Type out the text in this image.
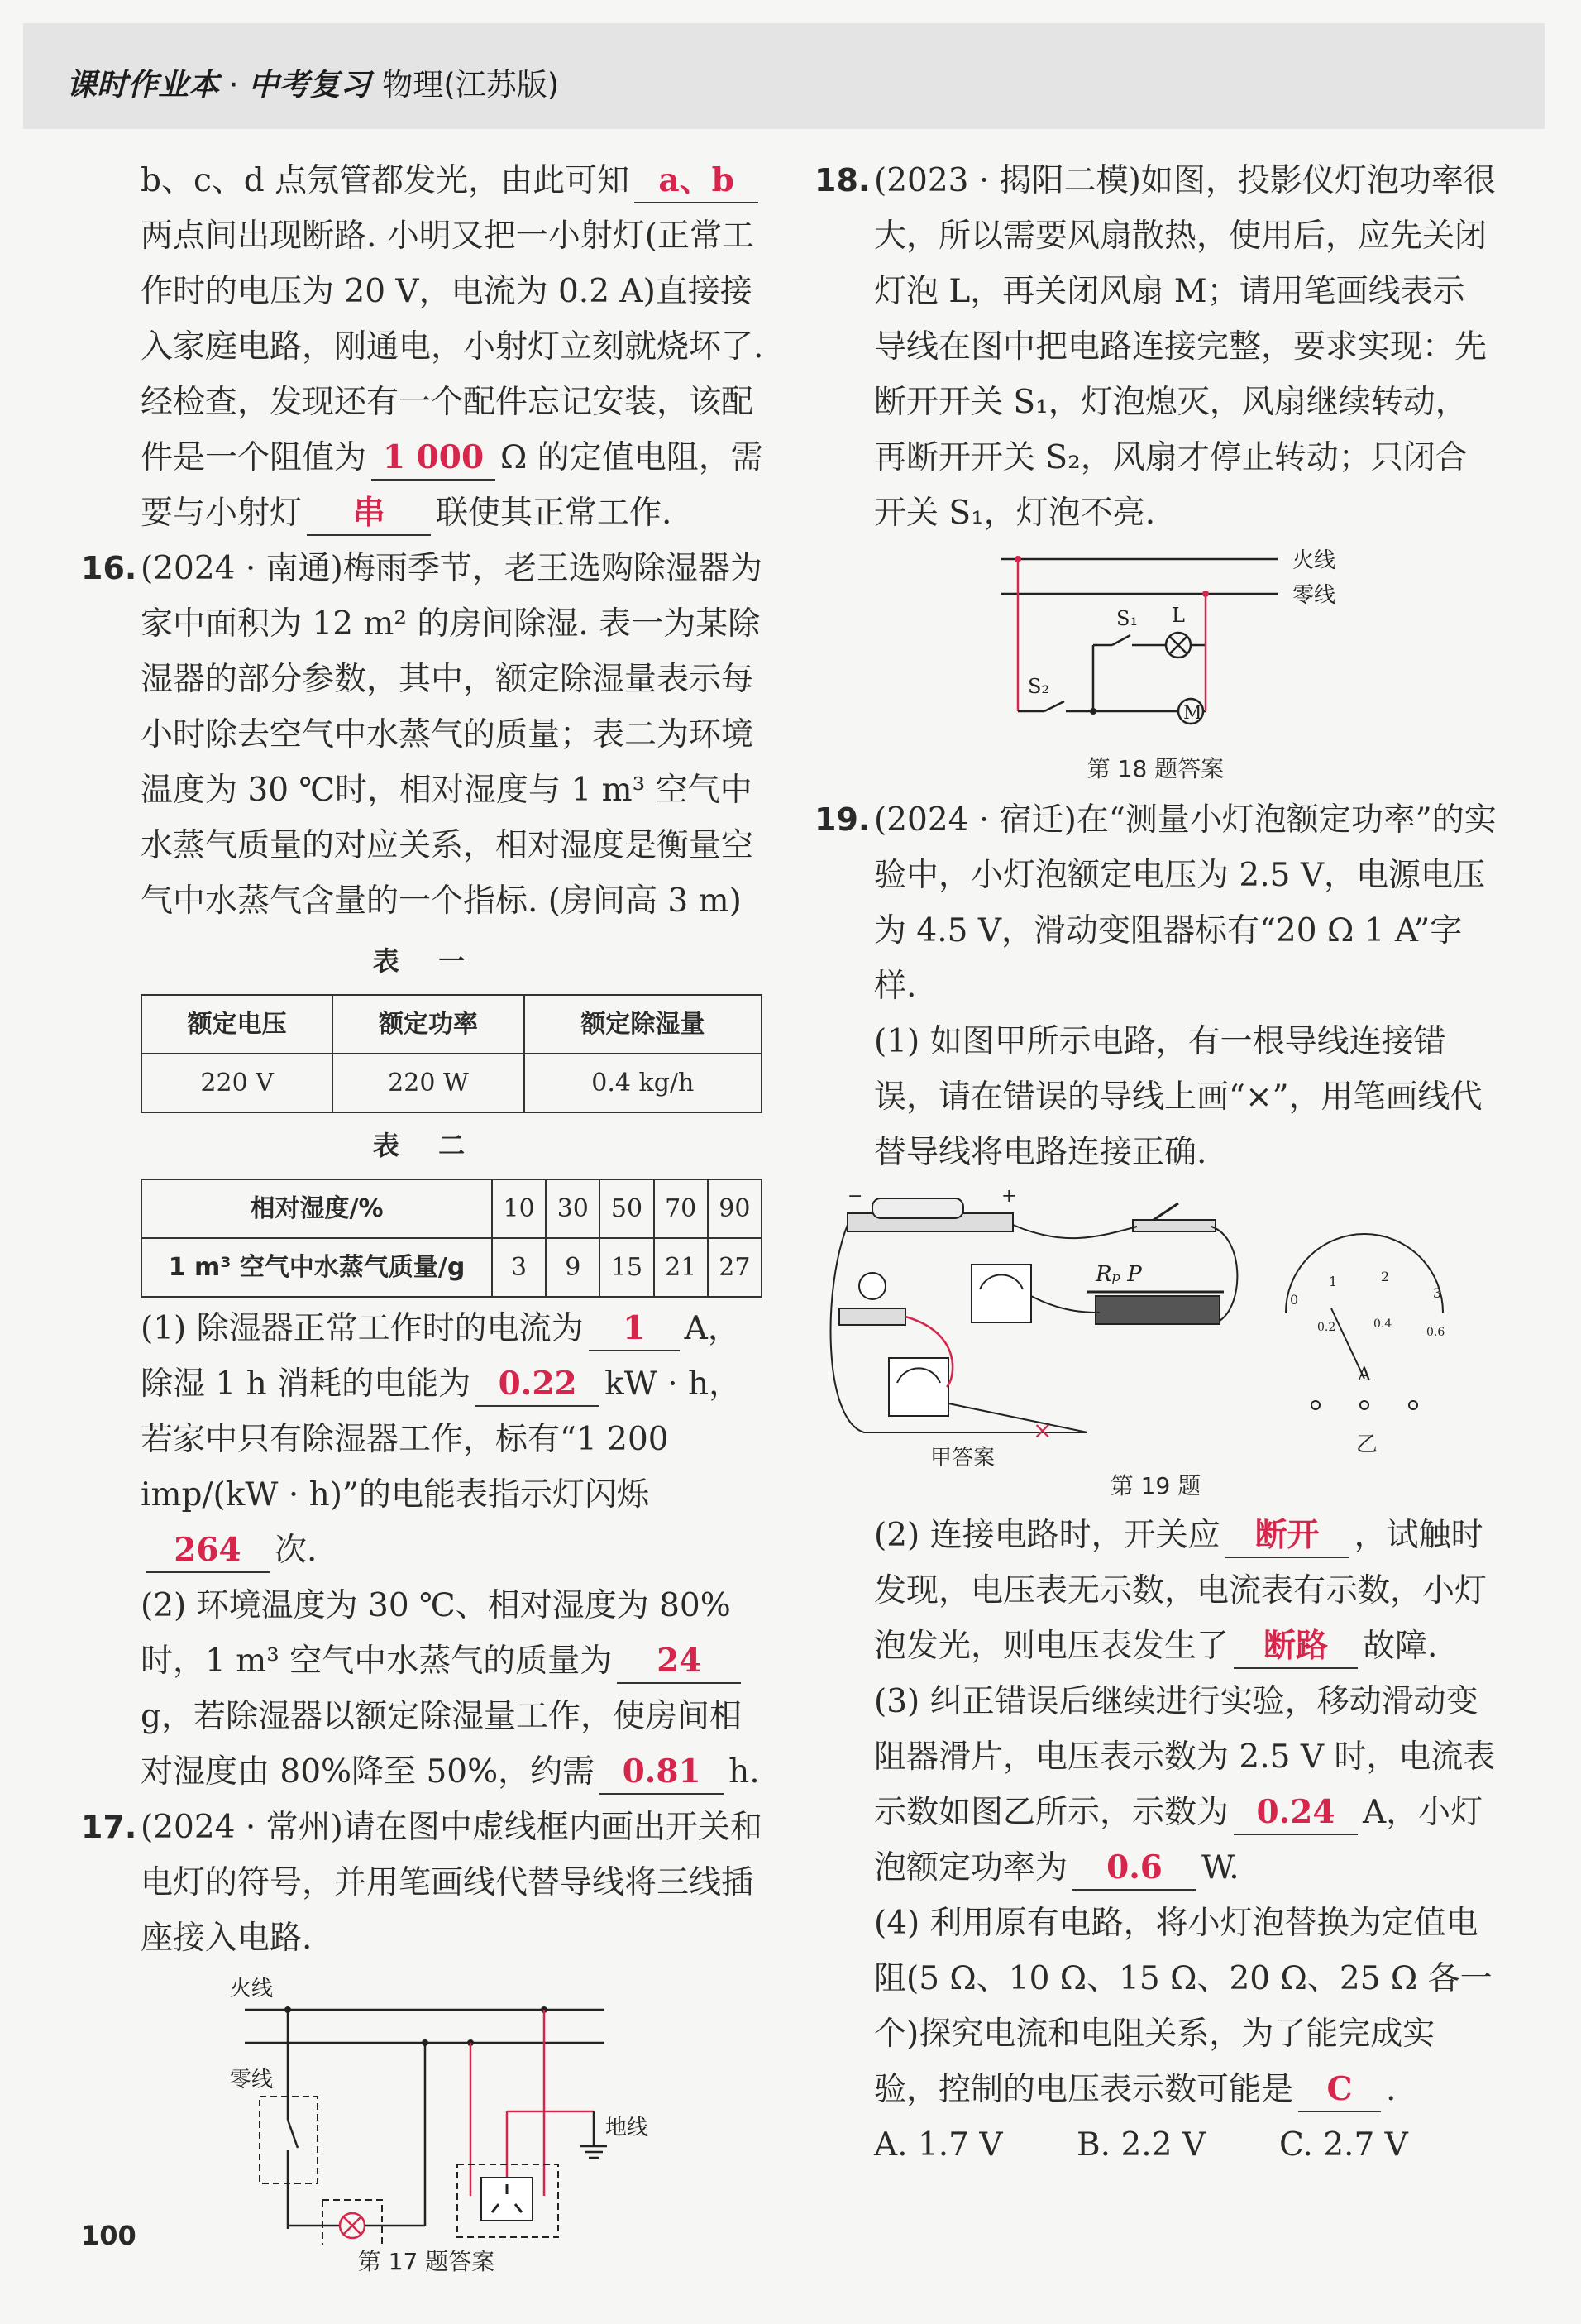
课时作业本 · 中考复习 物理(江苏版)

b、c、d 点氖管都发光，由此可知 a、b两点间出现断路. 小明又把一小射灯(正常工作时的电压为 20 V，电流为 0.2 A)直接接入家庭电路，刚通电，小射灯立刻就烧坏了. 经检查，发现还有一个配件忘记安装，该配件是一个阻值为 1 000 Ω 的定值电阻，需要与小射灯 串 联使其正常工作.

16. (2024 · 南通)梅雨季节，老王选购除湿器为家中面积为 12 m² 的房间除湿. 表一为某除湿器的部分参数，其中，额定除湿量表示每小时除去空气中水蒸气的质量；表二为环境温度为 30 ℃时，相对湿度与 1 m³ 空气中水蒸气质量的对应关系，相对湿度是衡量空气中水蒸气含量的一个指标. (房间高 3 m)

表 一
额定电压	额定功率	额定除湿量
220 V	220 W	0.4 kg/h
表 二
相对湿度/%	10	30	50	70	90
1 m³ 空气中水蒸气质量/g	3	9	15	21	27

(1) 除湿器正常工作时的电流为 1 A，除湿 1 h 消耗的电能为 0.22 kW · h，若家中只有除湿器工作，标有“1 200 imp/(kW · h)”的电能表指示灯闪烁264 次.

(2) 环境温度为 30 ℃、相对湿度为 80%时，1 m³ 空气中水蒸气的质量为 24g，若除湿器以额定除湿量工作，使房间相对湿度由 80%降至 50%，约需 0.81 h.

17. (2024 · 常州)请在图中虚线框内画出开关和电灯的符号，并用笔画线代替导线将三线插座接入电路.

火线
零线
地线
第 17 题答案

18. (2023 · 揭阳二模)如图，投影仪灯泡功率很大，所以需要风扇散热，使用后，应先关闭灯泡 L，再关闭风扇 M；请用笔画线表示导线在图中把电路连接完整，要求实现：先断开开关 S₁，灯泡熄灭，风扇继续转动，再断开开关 S₂，风扇才停止转动；只闭合开关 S₁，灯泡不亮.

火线
零线
S₂
S₁ L
M
第 18 题答案

19. (2024 · 宿迁)在“测量小灯泡额定功率”的实验中，小灯泡额定电压为 2.5 V，电源电压为 4.5 V，滑动变阻器标有“20 Ω 1 A”字样.

(1) 如图甲所示电路，有一根导线连接错误，请在错误的导线上画“×”，用笔画线代替导线将电路连接正确.

−	+
Rₚ P
×
甲答案
0
1	2
3
0.2	0.4
0.6
A
乙
第 19 题

(2) 连接电路时，开关应 断开 ，试触时发现，电压表无示数，电流表有示数，小灯泡发光，则电压表发生了 断路 故障.

(3) 纠正错误后继续进行实验，移动滑动变阻器滑片，电压表示数为 2.5 V 时，电流表示数如图乙所示，示数为 0.24 A，小灯泡额定功率为 0.6 W.

(4) 利用原有电路，将小灯泡替换为定值电阻(5 Ω、10 Ω、15 Ω、20 Ω、25 Ω 各一个)探究电流和电阻关系，为了能完成实验，控制的电压表示数可能是 C .

A. 1.7 V B. 2.2 V C. 2.7 V

100
